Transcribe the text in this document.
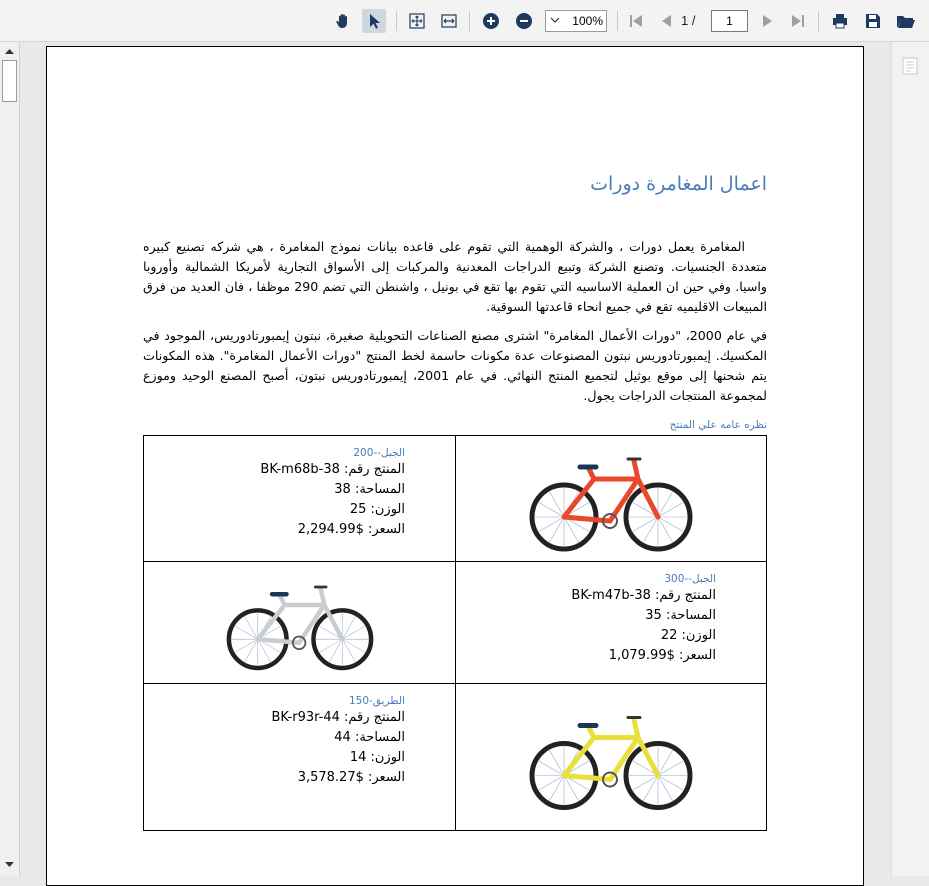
100%	1 /	1
اعمال المغامرة دورات

المغامرة يعمل دورات ، والشركة الوهمية التي تقوم على قاعده بيانات نموذج المغامرة ، هي شركه تصنيع كبيره متعددة الجنسيات. وتصنع الشركة وتبيع الدراجات المعدنية والمركبات إلى الأسواق التجارية لأمريكا الشمالية وأوروبا واسيا. وفي حين ان العملية الاساسيه التي تقوم بها تقع في بونيل ، واشنطن التي تضم 290 موظفا ، فان العديد من فرق المبيعات الاقليميه تقع في جميع انحاء قاعدتها السوقية.

في عام 2000، "دورات الأعمال المغامرة" اشترى مصنع الصناعات التحويلية صغيرة، نبتون إيمبورتادوريس، الموجود في المكسيك. إيمبورتادوريس نبتون المصنوعات عدة مكونات حاسمة لخط المنتج "دورات الأعمال المغامرة". هذه المكونات يتم شحنها إلى موقع بوثيل لتجميع المنتج النهائي. في عام 2001، إيمبورتادوريس نبتون، أصبح المصنع الوحيد وموزع لمجموعة المنتجات الدراجات يجول.

نظره عامه علي المنتج
الجبل--200
المنتج رقم: BK-m68b-38
المساحة: 38
الوزن: 25
السعر: $2,294.99
الجبل--300
المنتج رقم: BK-m47b-38
المساحة: 35
الوزن: 22
السعر: $1,079.99
الطريق-150
المنتج رقم: BK-r93r-44
المساحة: 44
الوزن: 14
السعر: $3,578.27
